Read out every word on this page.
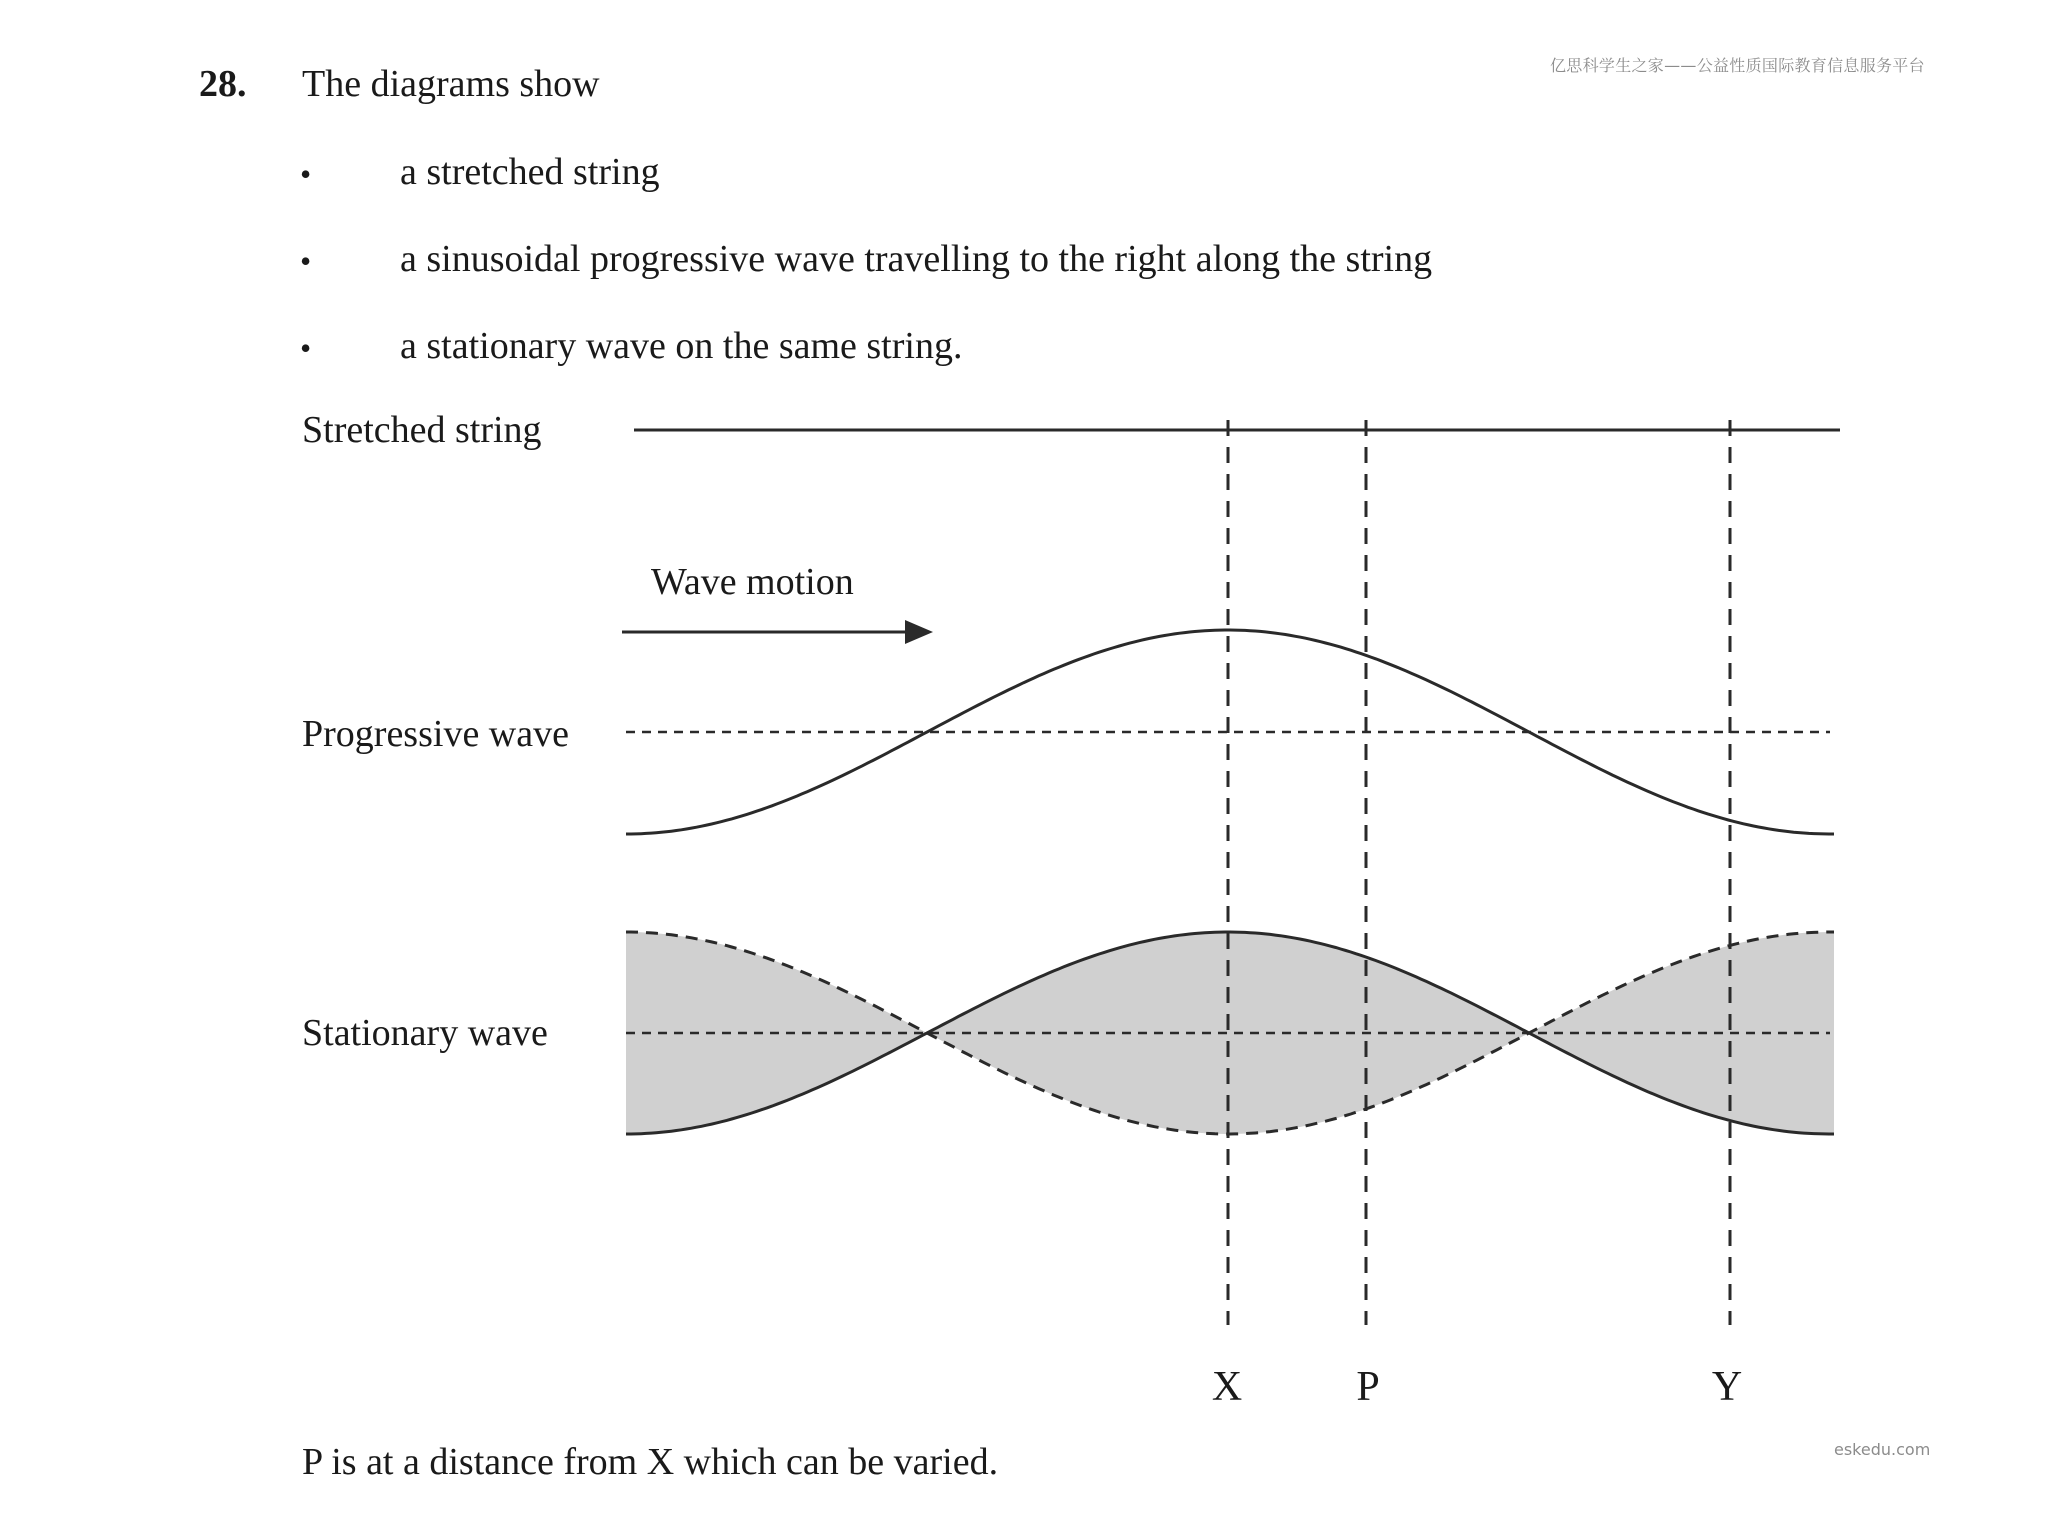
亿思科学生之家——公益性质国际教育信息服务平台
eskedu.com
28. The diagrams show
• a stretched string
• a sinusoidal progressive wave travelling to the right along the string
• a stationary wave on the same string.
Stretched string
Wave motion
Progressive wave
Stationary wave
X	P	Y
P is at a distance from X which can be varied.
